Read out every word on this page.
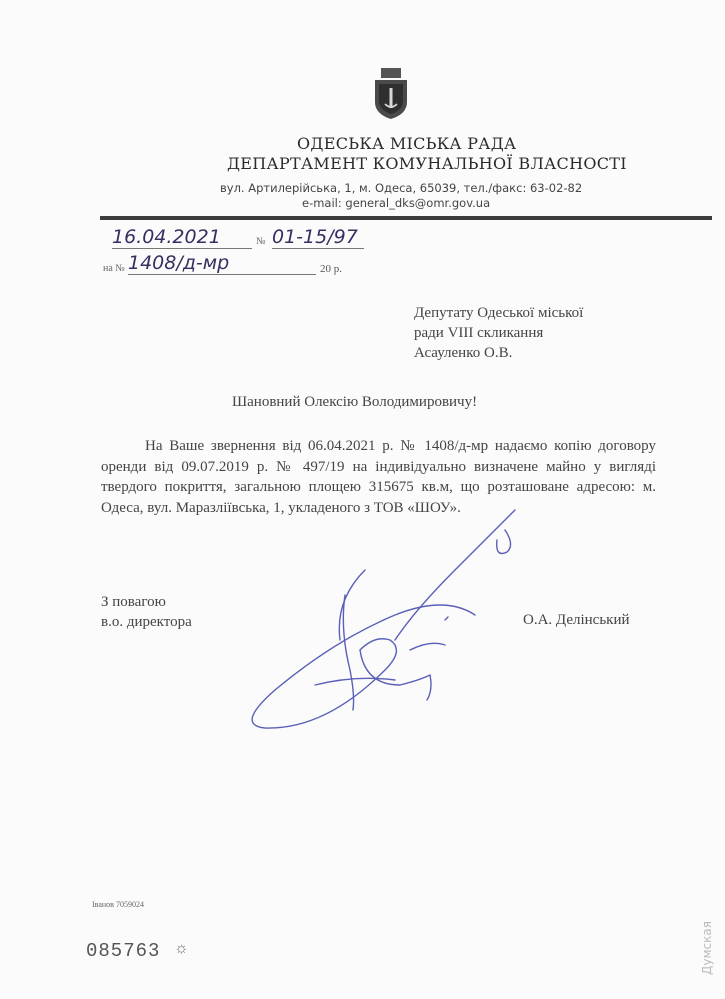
ОДЕСЬКА МІСЬКА РАДА
ДЕПАРТАМЕНТ КОМУНАЛЬНОЇ ВЛАСНОСТІ
вул. Артилерійська, 1, м. Одеса, 65039, тел./факс: 63-02-82
e-mail: general_dks@omr.gov.ua
16.04.2021	№ 01-15/97
на № 1408/д-мр	20 р.
Депутату Одеської міської
ради VIII скликання
Асауленко О.В.
Шановний Олексію Володимировичу!

На Ваше звернення від 06.04.2021 р. № 1408/д-мр надаємо копію договору оренди від 09.07.2019 р. № 497/19 на індивідуально визначене майно у вигляді твердого покриття, загальною площею 315675 кв.м, що розташоване адресою: м. Одеса, вул. Маразліївська, 1, укладеного з ТОВ «ШОУ».

З повагою
в.о. директора	О.А. Делінський
Іванов 7059024
085763 ☼	Думская
